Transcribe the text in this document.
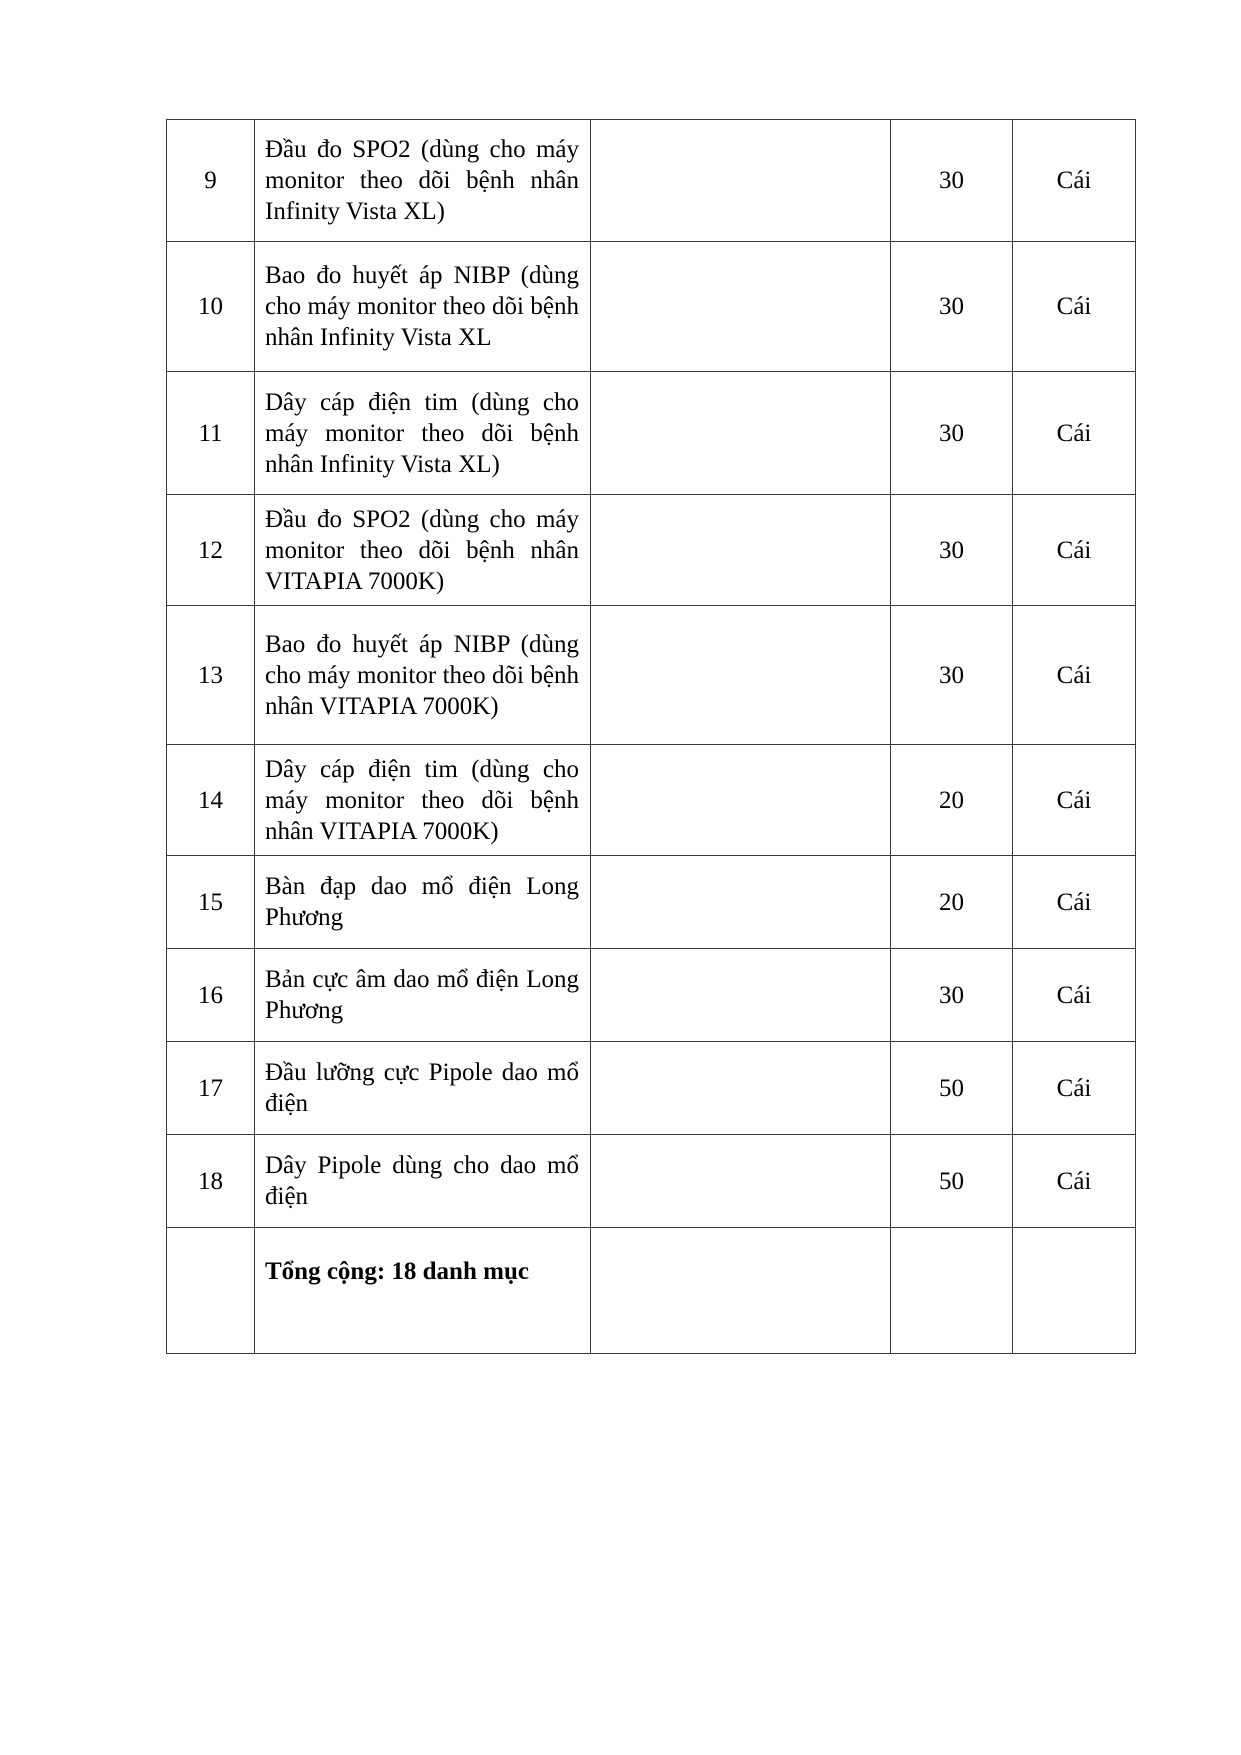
9	Đầu đo SPO2 (dùng cho máy monitor theo dõi bệnh nhân Infinity Vista XL)		30	Cái
10	Bao đo huyết áp NIBP (dùng cho máy monitor theo dõi bệnh nhân Infinity Vista XL		30	Cái
11	Dây cáp điện tim (dùng cho máy monitor theo dõi bệnh nhân Infinity Vista XL)		30	Cái
12	Đầu đo SPO2 (dùng cho máy monitor theo dõi bệnh nhân VITAPIA 7000K)		30	Cái
13	Bao đo huyết áp NIBP (dùng cho máy monitor theo dõi bệnh nhân VITAPIA 7000K)		30	Cái
14	Dây cáp điện tim (dùng cho máy monitor theo dõi bệnh nhân VITAPIA 7000K)		20	Cái
15	Bàn đạp dao mổ điện Long Phương		20	Cái
16	Bản cực âm dao mổ điện Long Phương		30	Cái
17	Đầu lưỡng cực Pipole dao mổ điện		50	Cái
18	Dây Pipole dùng cho dao mổ điện		50	Cái
	Tổng cộng: 18 danh mục			
